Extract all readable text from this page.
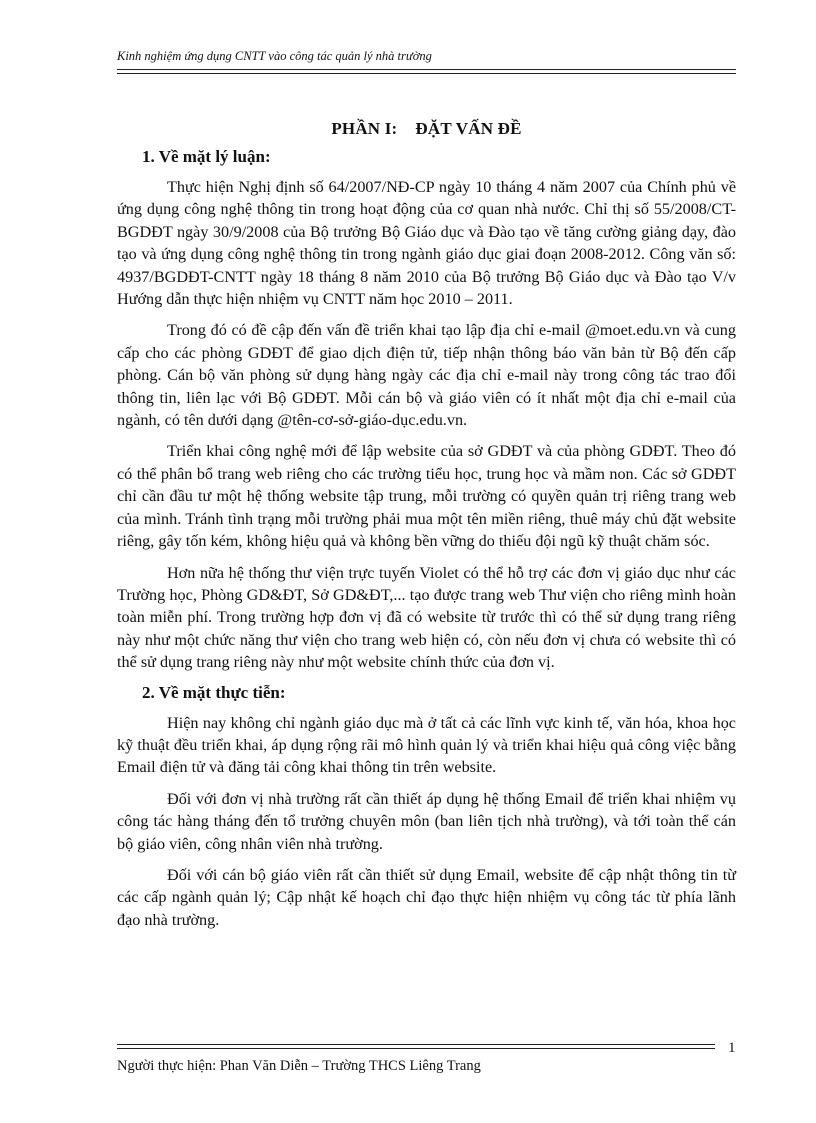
Kinh nghiệm ứng dụng CNTT vào công tác quản lý nhà trường
PHẦN I: ĐẶT VẤN ĐỀ
1. Về mặt lý luận:

Thực hiện Nghị định số 64/2007/NĐ-CP ngày 10 tháng 4 năm 2007 của Chính phủ về ứng dụng công nghệ thông tin trong hoạt động của cơ quan nhà nước. Chỉ thị số 55/2008/CT-BGDĐT ngày 30/9/2008 của Bộ trưởng Bộ Giáo dục và Đào tạo về tăng cường giảng dạy, đào tạo và ứng dụng công nghệ thông tin trong ngành giáo dục giai đoạn 2008-2012. Công văn số: 4937/BGDĐT-CNTT ngày 18 tháng 8 năm 2010 của Bộ trưởng Bộ Giáo dục và Đào tạo V/v Hướng dẫn thực hiện nhiệm vụ CNTT năm học 2010 – 2011.

Trong đó có đề cập đến vấn đề triển khai tạo lập địa chỉ e-mail @moet.edu.vn và cung cấp cho các phòng GDĐT để giao dịch điện tử, tiếp nhận thông báo văn bản từ Bộ đến cấp phòng. Cán bộ văn phòng sử dụng hàng ngày các địa chỉ e-mail này trong công tác trao đổi thông tin, liên lạc với Bộ GDĐT. Mỗi cán bộ và giáo viên có ít nhất một địa chỉ e-mail của ngành, có tên dưới dạng @tên-cơ-sở-giáo-dục.edu.vn.

Triển khai công nghệ mới để lập website của sở GDĐT và của phòng GDĐT. Theo đó có thể phân bổ trang web riêng cho các trường tiểu học, trung học và mầm non. Các sở GDĐT chỉ cần đầu tư một hệ thống website tập trung, mỗi trường có quyền quản trị riêng trang web của mình. Tránh tình trạng mỗi trường phải mua một tên miền riêng, thuê máy chủ đặt website riêng, gây tốn kém, không hiệu quả và không bền vững do thiếu đội ngũ kỹ thuật chăm sóc.

Hơn nữa hệ thống thư viện trực tuyến Violet có thể hỗ trợ các đơn vị giáo dục như các Trường học, Phòng GD&ĐT, Sở GD&ĐT,... tạo được trang web Thư viện cho riêng mình hoàn toàn miễn phí. Trong trường hợp đơn vị đã có website từ trước thì có thể sử dụng trang riêng này như một chức năng thư viện cho trang web hiện có, còn nếu đơn vị chưa có website thì có thể sử dụng trang riêng này như một website chính thức của đơn vị.

2. Về mặt thực tiễn:

Hiện nay không chỉ ngành giáo dục mà ở tất cả các lĩnh vực kinh tế, văn hóa, khoa học kỹ thuật đều triển khai, áp dụng rộng rãi mô hình quản lý và triển khai hiệu quả công việc bằng Email điện tử và đăng tải công khai thông tin trên website.

Đối với đơn vị nhà trường rất cần thiết áp dụng hệ thống Email để triển khai nhiệm vụ công tác hàng tháng đến tổ trưởng chuyên môn (ban liên tịch nhà trường), và tới toàn thể cán bộ giáo viên, công nhân viên nhà trường.

Đối với cán bộ giáo viên rất cần thiết sử dụng Email, website để cập nhật thông tin từ các cấp ngành quản lý; Cập nhật kế hoạch chỉ đạo thực hiện nhiệm vụ công tác từ phía lãnh đạo nhà trường.

1
Người thực hiện: Phan Văn Diễn – Trường THCS Liêng Trang
